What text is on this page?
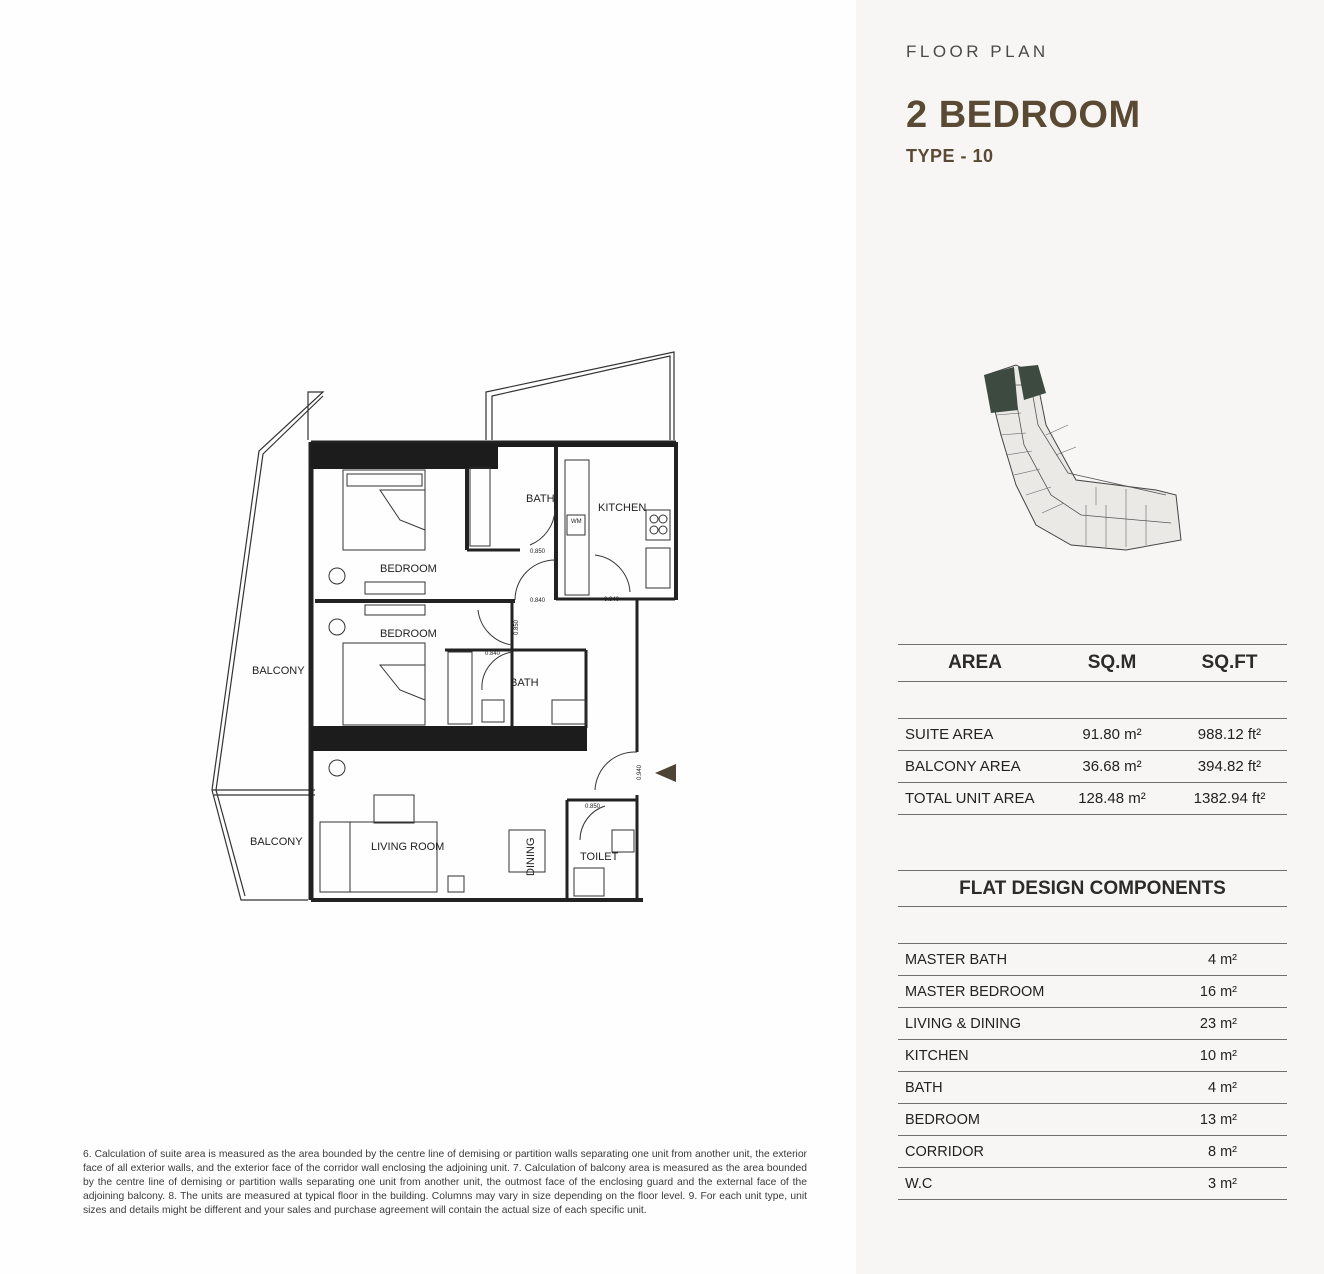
BEDROOM
BEDROOM
BATH
BATH
KITCHEN
LIVING ROOM	DINING	TOILET
BALCONY
BALCONY
WM
0.850
0.840	0.940
0.850
0.840
0.850
0.940
6. Calculation of suite area is measured as the area bounded by the centre line of demising or partition walls separating one unit from another unit, the exterior face of all exterior walls, and the exterior face of the corridor wall enclosing the adjoining unit. 7. Calculation of balcony area is measured as the area bounded by the centre line of demising or partition walls separating one unit from another unit, the outmost face of the enclosing guard and the external face of the adjoining balcony. 8. The units are measured at typical floor in the building. Columns may vary in size depending on the floor level. 9. For each unit type, unit sizes and details might be different and your sales and purchase agreement will contain the actual size of each specific unit.
FLOOR PLAN
2 BEDROOM
TYPE - 10
AREA	SQ.M	SQ.FT

SUITE AREA	91.80 m²	988.12 ft²
BALCONY AREA	36.68 m²	394.82 ft²
TOTAL UNIT AREA	128.48 m²	1382.94 ft²
FLAT DESIGN COMPONENTS	

MASTER BATH	4 m²
MASTER BEDROOM	16 m²
LIVING & DINING	23 m²
KITCHEN	10 m²
BATH	4 m²
BEDROOM	13 m²
CORRIDOR	8 m²
W.C	3 m²
